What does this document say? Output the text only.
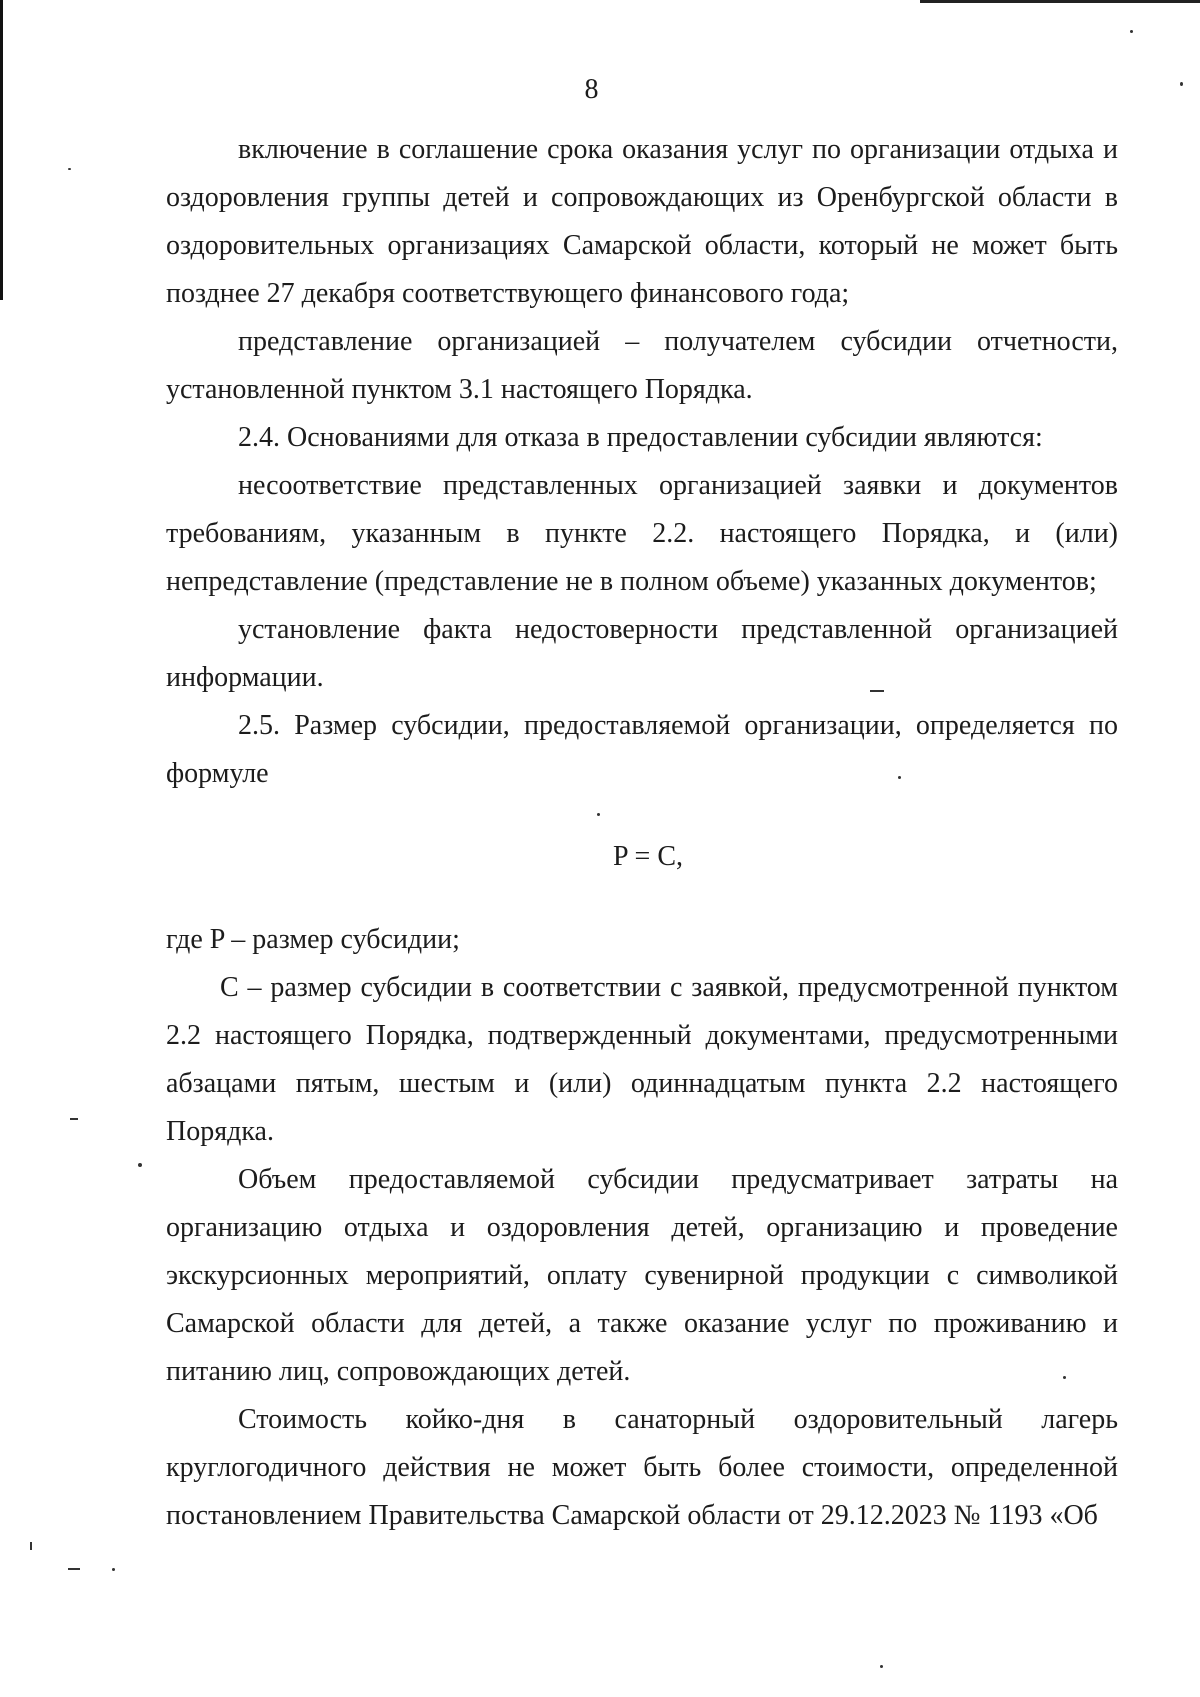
8

включение в соглашение срока оказания услуг по организации отдыха и оздоровления группы детей и сопровождающих из Оренбургской области в оздоровительных организациях Самарской области, который не может быть позднее 27 декабря соответствующего финансового года;

представление организацией – получателем субсидии отчетности, установленной пунктом 3.1 настоящего Порядка.

2.4. Основаниями для отказа в предоставлении субсидии являются:

несоответствие представленных организацией заявки и документов требованиям, указанным в пункте 2.2. настоящего Порядка, и (или) непредставление (представление не в полном объеме) указанных документов;

установление факта недостоверности представленной организацией информации.

2.5. Размер субсидии, предоставляемой организации, определяется по формуле

P = C,

где P – размер субсидии;

C – размер субсидии в соответствии с заявкой, предусмотренной пунктом 2.2 настоящего Порядка, подтвержденный документами, предусмотренными абзацами пятым, шестым и (или) одиннадцатым пункта 2.2 настоящего Порядка.

Объем предоставляемой субсидии предусматривает затраты на организацию отдыха и оздоровления детей, организацию и проведение экскурсионных мероприятий, оплату сувенирной продукции с символикой Самарской области для детей, а также оказание услуг по проживанию и питанию лиц, сопровождающих детей.

Стоимость койко-дня в санаторный оздоровительный лагерь круглогодичного действия не может быть более стоимости, определенной постановлением Правительства Самарской области от 29.12.2023 № 1193 «Об
